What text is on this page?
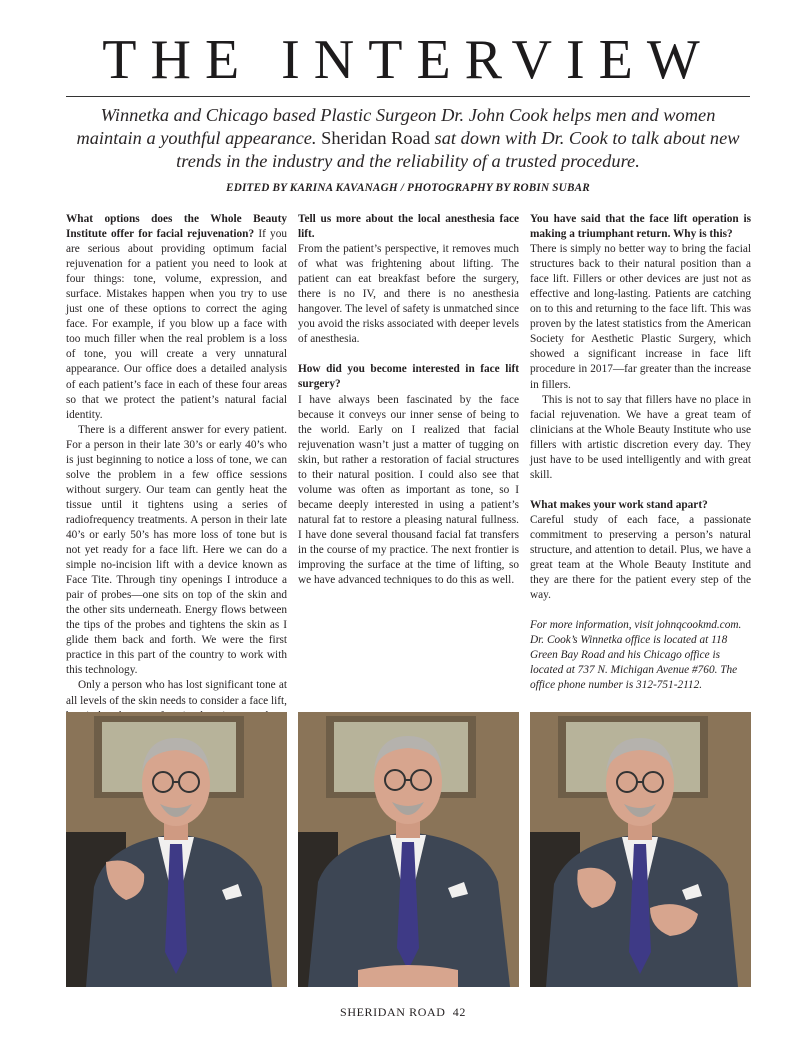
THE INTERVIEW
Winnetka and Chicago based Plastic Surgeon Dr. John Cook helps men and women maintain a youthful appearance. Sheridan Road sat down with Dr. Cook to talk about new trends in the industry and the reliability of a trusted procedure.
EDITED BY KARINA KAVANAGH / PHOTOGRAPHY BY ROBIN SUBAR

What options does the Whole Beauty Institute offer for facial rejuvenation? If you are serious about providing optimum facial rejuvenation for a patient you need to look at four things: tone, volume, expression, and surface. Mistakes happen when you try to use just one of these options to correct the aging face. For example, if you blow up a face with too much filler when the real problem is a loss of tone, you will create a very unnatural appearance. Our office does a detailed analysis of each patient’s face in each of these four areas so that we protect the patient’s natural facial identity.

There is a different answer for every patient. For a person in their late 30’s or early 40’s who is just beginning to notice a loss of tone, we can solve the problem in a few office sessions without surgery. Our team can gently heat the tissue until it tightens using a series of radiofrequency treatments. A person in their late 40’s or early 50’s has more loss of tone but is not yet ready for a face lift. Here we can do a simple no-incision lift with a device known as Face Tite. Through tiny openings I introduce a pair of probes—one sits on top of the skin and the other sits underneath. Energy flows between the tips of the probes and tightens the skin as I glide them back and forth. We were the first practice in this part of the country to work with this technology.

Only a person who has lost significant tone at all levels of the skin needs to consider a face lift,

Tell us more about the local anesthesia face lift.

From the patient’s perspective, it removes much of what was frightening about lifting. The patient can eat breakfast before the surgery, there is no IV, and there is no anesthesia hangover. The level of safety is unmatched since you avoid the risks associated with deeper levels of anesthesia.

How did you become interested in face lift surgery?

I have always been fascinated by the face because it conveys our inner sense of being to the world. Early on I realized that facial rejuvenation wasn’t just a matter of tugging on skin, but rather a restoration of facial structures to their natural position. I could also see that volume was often as important as tone, so I became deeply interested in using a patient’s natural fat to restore a pleasing natural fullness. I have done several thousand facial fat transfers in the course of my practice. The next frontier is improving the surface at the time of lifting, so we have advanced techniques to do this as well.

You have said that the face lift operation is making a triumphant return. Why is this?

There is simply no better way to bring the facial structures back to their natural position than a face lift. Fillers or other devices are just not as effective and long-lasting. Patients are catching on to this and returning to the face lift. This was proven by the latest statistics from the American Society for Aesthetic Plastic Surgery, which showed a significant increase in face lift procedure in 2017—far greater than the increase in fillers.

This is not to say that fillers have no place in facial rejuvenation. We have a great team of clinicians at the Whole Beauty Institute who use fillers with artistic discretion every day. They just have to be used intelligently and with great skill.

What makes your work stand apart?

Careful study of each face, a passionate commitment to preserving a person’s natural structure, and attention to detail. Plus, we have a great team at the Whole Beauty Institute and they are there for the patient every step of the way.

For more information, visit johnqcookmd.com. Dr. Cook’s Winnetka office is located at 118 Green Bay Road and his Chicago office is located at 737 N. Michigan Avenue #760. The office phone number is 312-751-2112.

SHERIDAN ROAD 42
